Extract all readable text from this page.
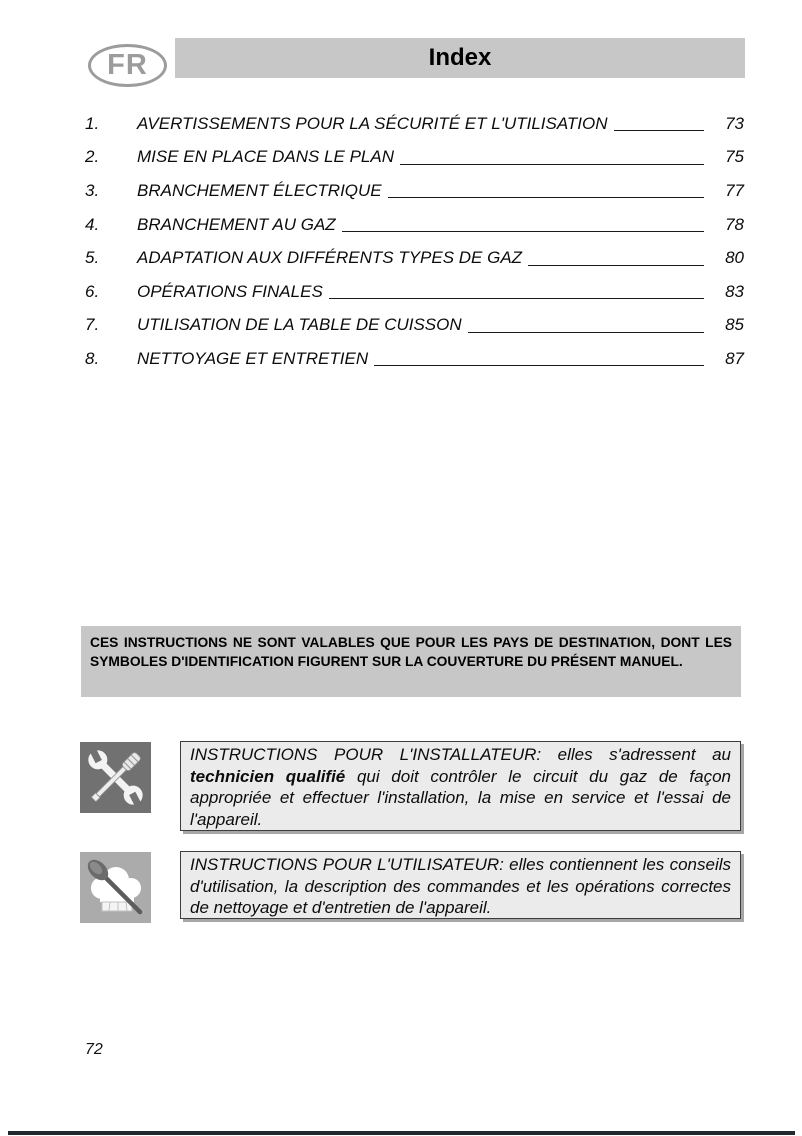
FR	Index
1.	AVERTISSEMENTS POUR LA SÉCURITÉ ET L'UTILISATION	73
2.	MISE EN PLACE DANS LE PLAN	75
3.	BRANCHEMENT ÉLECTRIQUE	77
4.	BRANCHEMENT AU GAZ	78
5.	ADAPTATION AUX DIFFÉRENTS TYPES DE GAZ	80
6.	OPÉRATIONS FINALES	83
7.	UTILISATION DE LA TABLE DE CUISSON	85
8.	NETTOYAGE ET ENTRETIEN	87
CES INSTRUCTIONS NE SONT VALABLES QUE POUR LES PAYS DE DESTINATION, DONT LES SYMBOLES D'IDENTIFICATION FIGURENT SUR LA COUVERTURE DU PRÉSENT MANUEL.
INSTRUCTIONS POUR L'INSTALLATEUR: elles s'adressent au technicien qualifié qui doit contrôler le circuit du gaz de façon appropriée et effectuer l'installation, la mise en service et l'essai de l'appareil.
INSTRUCTIONS POUR L'UTILISATEUR: elles contiennent les conseils d'utilisation, la description des commandes et les opérations correctes de nettoyage et d'entretien de l'appareil.
72
